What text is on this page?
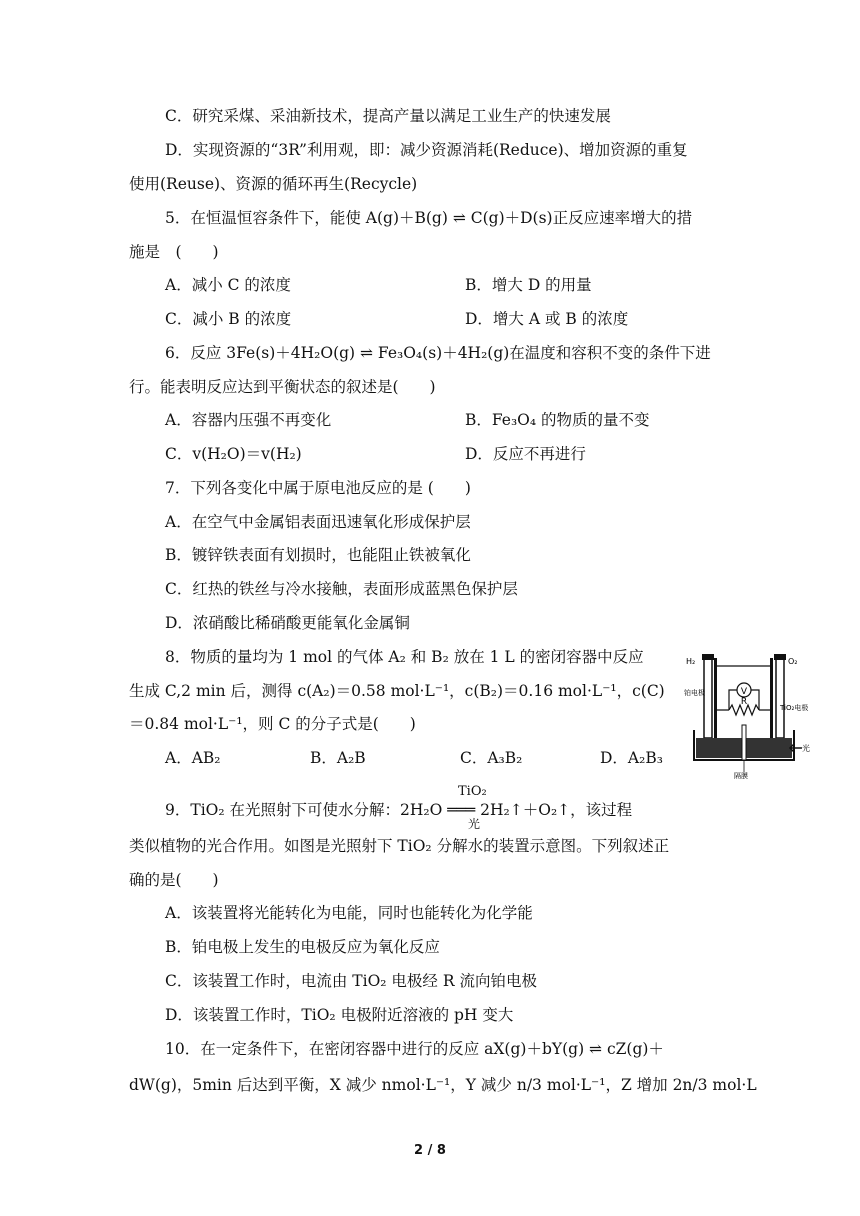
C．研究采煤、采油新技术，提高产量以满足工业生产的快速发展
D．实现资源的“3R”利用观，即：减少资源消耗(Reduce)、增加资源的重复
使用(Reuse)、资源的循环再生(Recycle)
5．在恒温恒容条件下，能使 A(g)＋B(g) ⇌ C(g)＋D(s)正反应速率增大的措
施是　(　　)
A．减小 C 的浓度	B．增大 D 的用量
C．减小 B 的浓度	D．增大 A 或 B 的浓度
6．反应 3Fe(s)＋4H₂O(g) ⇌ Fe₃O₄(s)＋4H₂(g)在温度和容积不变的条件下进
行。能表明反应达到平衡状态的叙述是(　　)
A．容器内压强不再变化	B．Fe₃O₄ 的物质的量不变
C．v(H₂O)＝v(H₂)	D．反应不再进行
7．下列各变化中属于原电池反应的是 (　　)
A．在空气中金属铝表面迅速氧化形成保护层
B．镀锌铁表面有划损时，也能阻止铁被氧化
C．红热的铁丝与冷水接触，表面形成蓝黑色保护层
D．浓硝酸比稀硝酸更能氧化金属铜
8．物质的量均为 1 mol 的气体 A₂ 和 B₂ 放在 1 L 的密闭容器中反应
生成 C,2 min 后，测得 c(A₂)＝0.58 mol·L⁻¹，c(B₂)＝0.16 mol·L⁻¹，c(C)
＝0.84 mol·L⁻¹，则 C 的分子式是(　　)
A．AB₂	B．A₂B	C．A₃B₂	D．A₂B₃
TiO₂
9．TiO₂ 在光照射下可使水分解：2H₂O ═══ 2H₂↑＋O₂↑，该过程
光
类似植物的光合作用。如图是光照射下 TiO₂ 分解水的装置示意图。下列叙述正
确的是(　　)
A．该装置将光能转化为电能，同时也能转化为化学能
B．铂电极上发生的电极反应为氧化反应
C．该装置工作时，电流由 TiO₂ 电极经 R 流向铂电极
D．该装置工作时，TiO₂ 电极附近溶液的 pH 变大
10．在一定条件下，在密闭容器中进行的反应 aX(g)＋bY(g) ⇌ cZ(g)＋
dW(g)，5min 后达到平衡，X 减少 nmol·L⁻¹，Y 减少 n/3 mol·L⁻¹，Z 增加 2n/3 mol·L
V
R
H₂	O₂
铂电极
TiO₂电极
隔膜
光
2 / 8
